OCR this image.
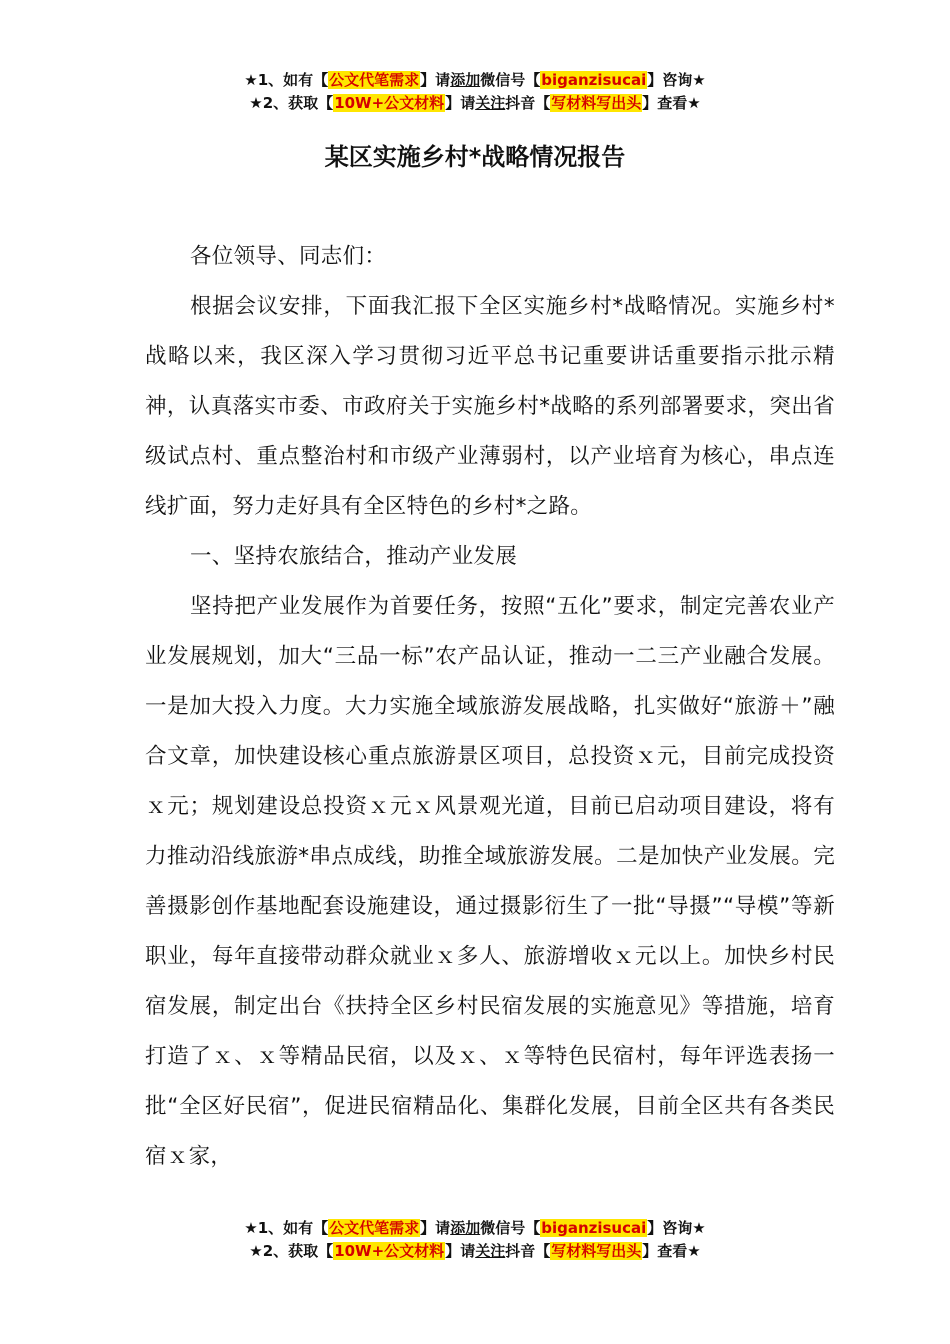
★1、如有【公文代笔需求】请添加微信号【biganzisucai】咨询★
★2、获取【10W+公文材料】请关注抖音【写材料写出头】查看★
某区实施乡村*战略情况报告

各位领导、同志们：

根据会议安排，下面我汇报下全区实施乡村*战略情况。实施乡村*战略以来，我区深入学习贯彻习近平总书记重要讲话重要指示批示精神，认真落实市委、市政府关于实施乡村*战略的系列部署要求，突出省级试点村、重点整治村和市级产业薄弱村，以产业培育为核心，串点连线扩面，努力走好具有全区特色的乡村*之路。

一、坚持农旅结合，推动产业发展

坚持把产业发展作为首要任务，按照“五化”要求，制定完善农业产业发展规划，加大“三品一标”农产品认证，推动一二三产业融合发展。一是加大投入力度。大力实施全域旅游发展战略，扎实做好“旅游＋”融合文章，加快建设核心重点旅游景区项目，总投资ｘ元，目前完成投资ｘ元；规划建设总投资ｘ元ｘ风景观光道，目前已启动项目建设，将有力推动沿线旅游*串点成线，助推全域旅游发展。二是加快产业发展。完善摄影创作基地配套设施建设，通过摄影衍生了一批“导摄”“导模”等新职业，每年直接带动群众就业ｘ多人、旅游增收ｘ元以上。加快乡村民宿发展，制定出台《扶持全区乡村民宿发展的实施意见》等措施，培育打造了ｘ、ｘ等精品民宿，以及ｘ、ｘ等特色民宿村，每年评选表扬一批“全区好民宿”，促进民宿精品化、集群化发展，目前全区共有各类民宿ｘ家，

★1、如有【公文代笔需求】请添加微信号【biganzisucai】咨询★
★2、获取【10W+公文材料】请关注抖音【写材料写出头】查看★
